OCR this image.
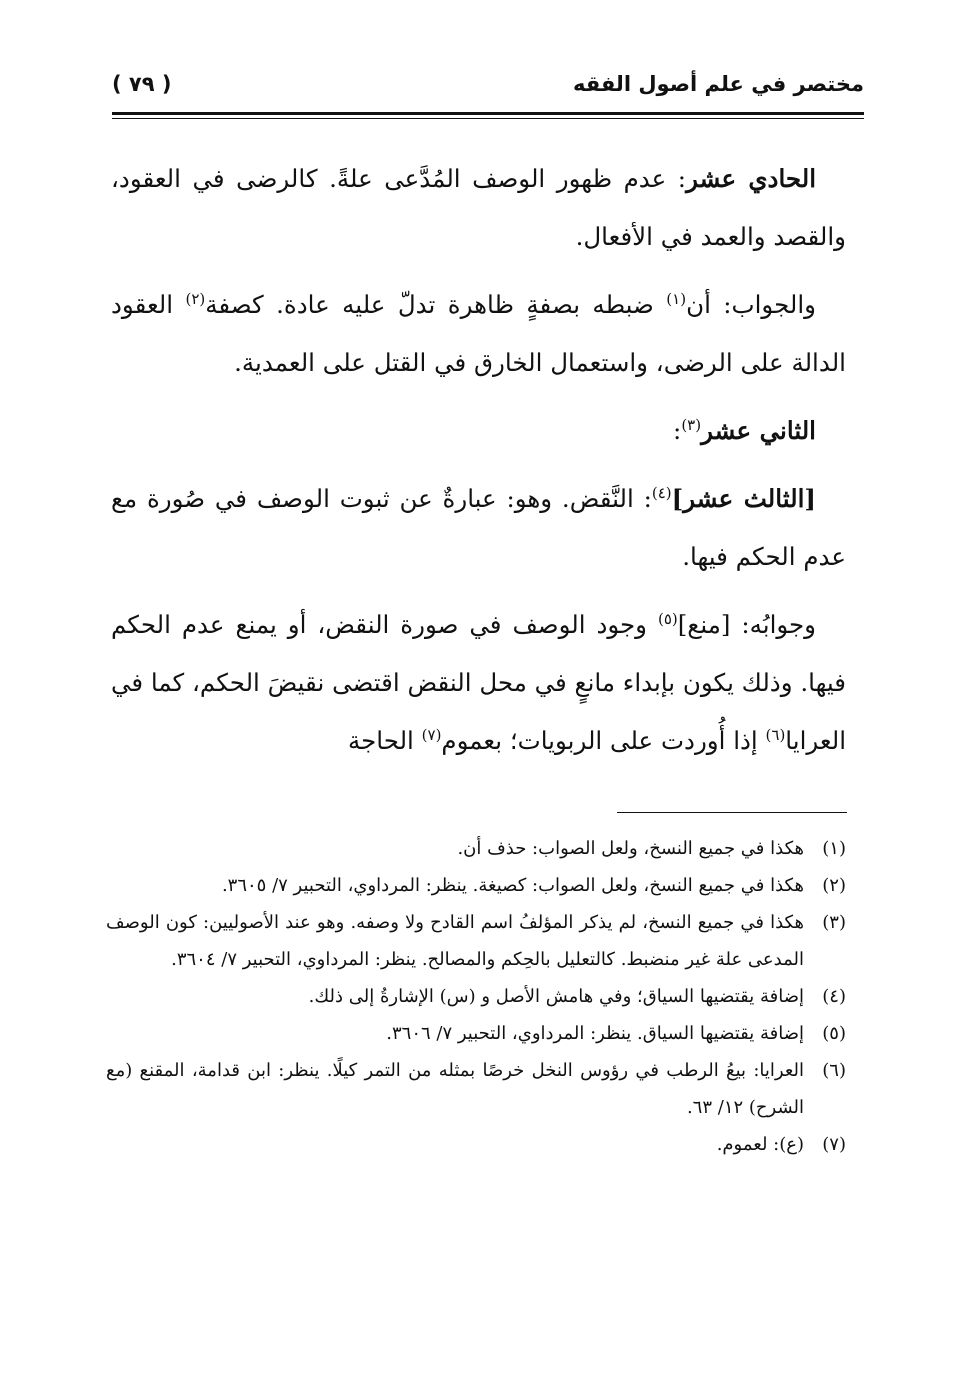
مختصر في علم أصول الفقه
( ٧٩ )

الحادي عشر: عدم ظهور الوصف المُدَّعى علةً. كالرضى في العقود، والقصد والعمد في الأفعال.

والجواب: أن$^{(١)}$ ضبطه بصفةٍ ظاهرة تدلّ عليه عادة. كصفة$^{(٢)}$ العقود الدالة على الرضى، واستعمال الخارق في القتل على العمدية.

الثاني عشر$^{(٣)}$:

[الثالث عشر]$^{(٤)}$: النَّقض. وهو: عبارةٌ عن ثبوت الوصف في صُورة مع عدم الحكم فيها.

وجوابُه: [منع]$^{(٥)}$ وجود الوصف في صورة النقض، أو يمنع عدم الحكم فيها. وذلك يكون بإبداء مانعٍ في محل النقض اقتضى نقيضَ الحكم، كما في العرايا$^{(٦)}$ إذا أُوردت على الربويات؛ بعموم$^{(٧)}$ الحاجة

(١)
هكذا في جميع النسخ، ولعل الصواب: حذف أن.
(٢)
هكذا في جميع النسخ، ولعل الصواب: كصيغة. ينظر: المرداوي، التحبير ٧/ ٣٦٠٥.
(٣)
هكذا في جميع النسخ، لم يذكر المؤلفُ اسم القادح ولا وصفه. وهو عند الأصوليين: كون الوصف المدعى علة غير منضبط. كالتعليل بالحِكم والمصالح. ينظر: المرداوي، التحبير ٧/ ٣٦٠٤.
(٤)
إضافة يقتضيها السياق؛ وفي هامش الأصل و (س) الإشارةُ إلى ذلك.
(٥)
إضافة يقتضيها السياق. ينظر: المرداوي، التحبير ٧/ ٣٦٠٦.
(٦)
العرايا: بيعُ الرطب في رؤوس النخل خرصًا بمثله من التمر كيلًا. ينظر: ابن قدامة، المقنع (مع الشرح) ١٢/ ٦٣.
(٧)
(ع): لعموم.
